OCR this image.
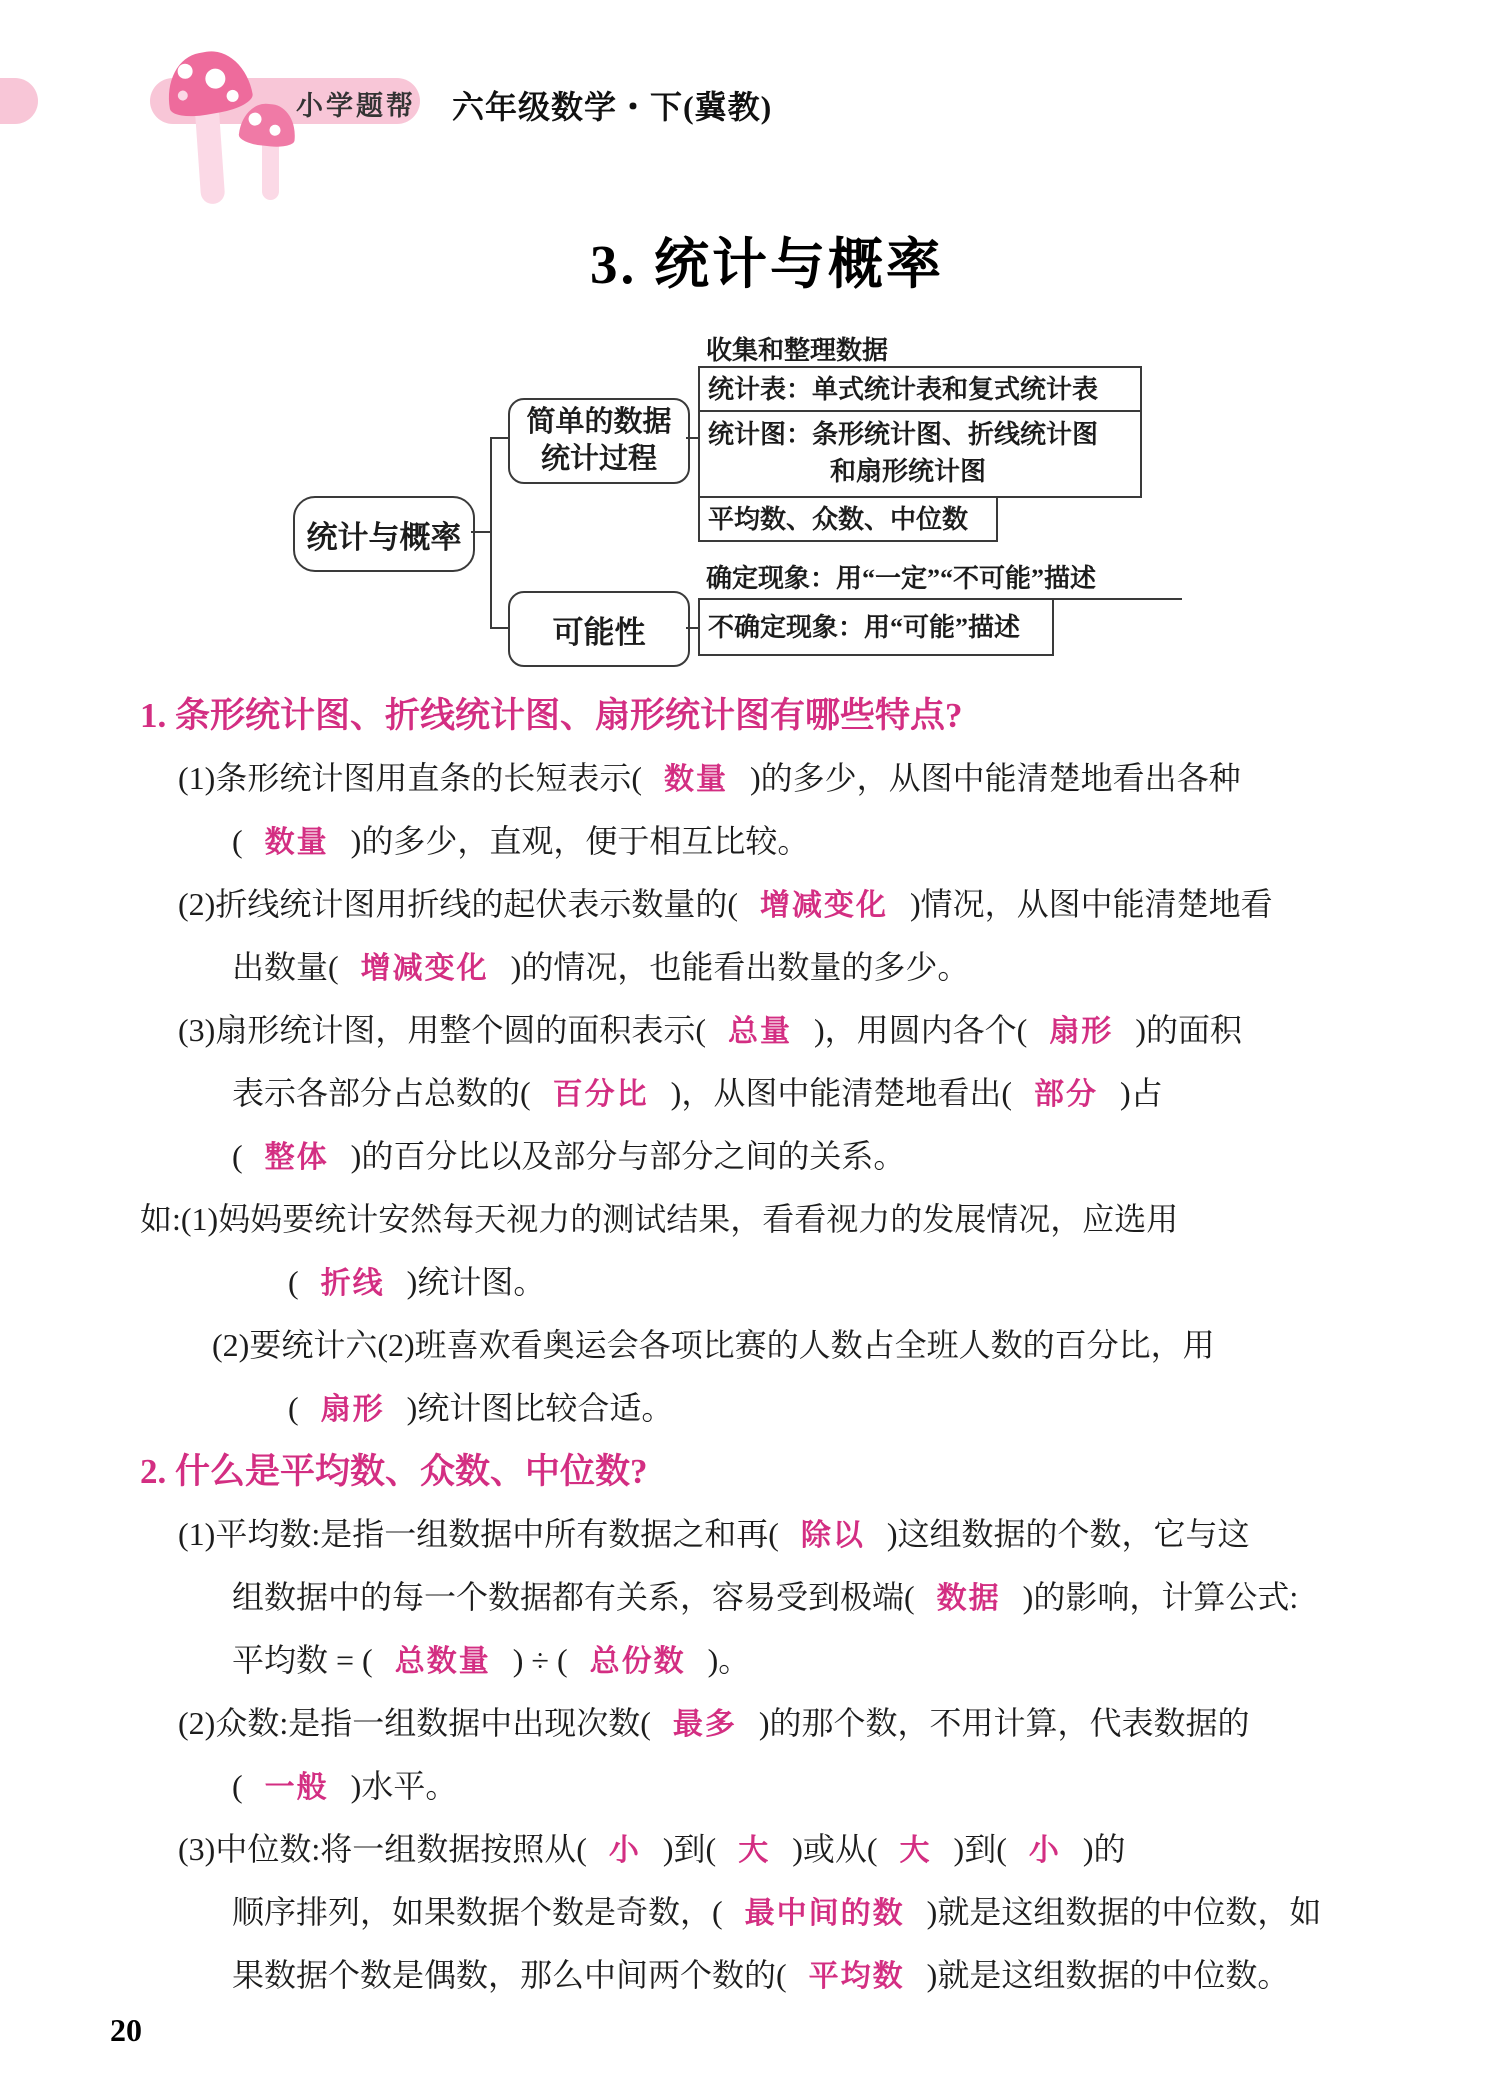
小学题帮 六年级数学・下(冀教)
3. 统计与概率
统计与概率
简单的数据
统计过程
可能性
收集和整理数据
统计表：单式统计表和复式统计表
统计图：条形统计图、折线统计图
和扇形统计图
平均数、众数、中位数
确定现象：用“一定”“不可能”描述
不确定现象：用“可能”描述
1. 条形统计图、折线统计图、扇形统计图有哪些特点?
(1)条形统计图用直条的长短表示( 数量 )的多少，从图中能清楚地看出各种
( 数量 )的多少，直观，便于相互比较。
(2)折线统计图用折线的起伏表示数量的( 增减变化 )情况，从图中能清楚地看
出数量( 增减变化 )的情况，也能看出数量的多少。
(3)扇形统计图，用整个圆的面积表示( 总量 )，用圆内各个( 扇形 )的面积
表示各部分占总数的( 百分比 )，从图中能清楚地看出( 部分 )占
( 整体 )的百分比以及部分与部分之间的关系。
如:(1)妈妈要统计安然每天视力的测试结果，看看视力的发展情况，应选用
( 折线 )统计图。
(2)要统计六(2)班喜欢看奥运会各项比赛的人数占全班人数的百分比，用
( 扇形 )统计图比较合适。
2. 什么是平均数、众数、中位数?
(1)平均数:是指一组数据中所有数据之和再( 除以 )这组数据的个数，它与这
组数据中的每一个数据都有关系，容易受到极端( 数据 )的影响，计算公式:
平均数 = ( 总数量 ) ÷ ( 总份数 )。
(2)众数:是指一组数据中出现次数( 最多 )的那个数，不用计算，代表数据的
( 一般 )水平。
(3)中位数:将一组数据按照从( 小 )到( 大 )或从( 大 )到( 小 )的
顺序排列，如果数据个数是奇数，( 最中间的数 )就是这组数据的中位数，如
果数据个数是偶数，那么中间两个数的( 平均数 )就是这组数据的中位数。
20
